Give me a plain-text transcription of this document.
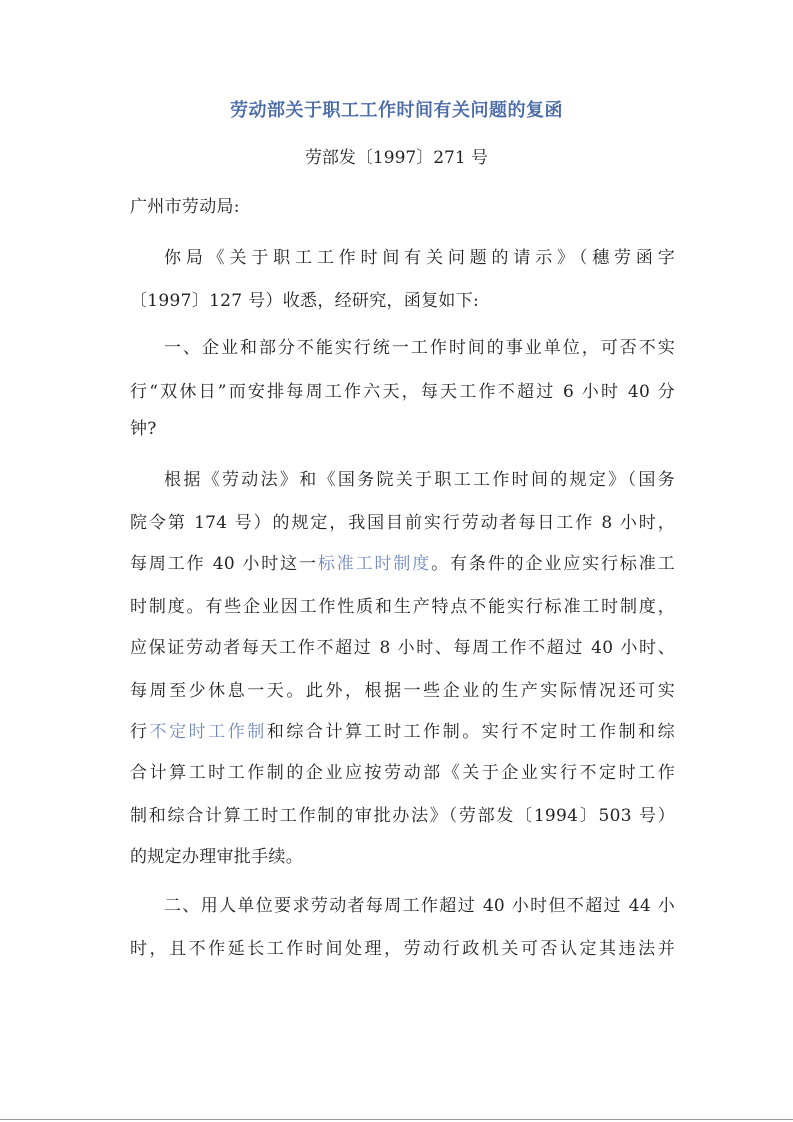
劳动部关于职工工作时间有关问题的复函
劳部发〔1997〕271 号
广州市劳动局:
你局《关于职工工作时间有关问题的请示》（穗劳函字
〔1997〕127 号）收悉，经研究，函复如下:
一、企业和部分不能实行统一工作时间的事业单位，可否不实
行“双休日”而安排每周工作六天，每天工作不超过 6 小时 40 分
钟?
根据《劳动法》和《国务院关于职工工作时间的规定》（国务
院令第 174 号）的规定，我国目前实行劳动者每日工作 8 小时，
每周工作 40 小时这一标准工时制度。有条件的企业应实行标准工
时制度。有些企业因工作性质和生产特点不能实行标准工时制度，
应保证劳动者每天工作不超过 8 小时、每周工作不超过 40 小时、
每周至少休息一天。此外，根据一些企业的生产实际情况还可实
行不定时工作制和综合计算工时工作制。实行不定时工作制和综
合计算工时工作制的企业应按劳动部《关于企业实行不定时工作
制和综合计算工时工作制的审批办法》（劳部发〔1994〕503 号）
的规定办理审批手续。
二、用人单位要求劳动者每周工作超过 40 小时但不超过 44 小
时，且不作延长工作时间处理，劳动行政机关可否认定其违法并
